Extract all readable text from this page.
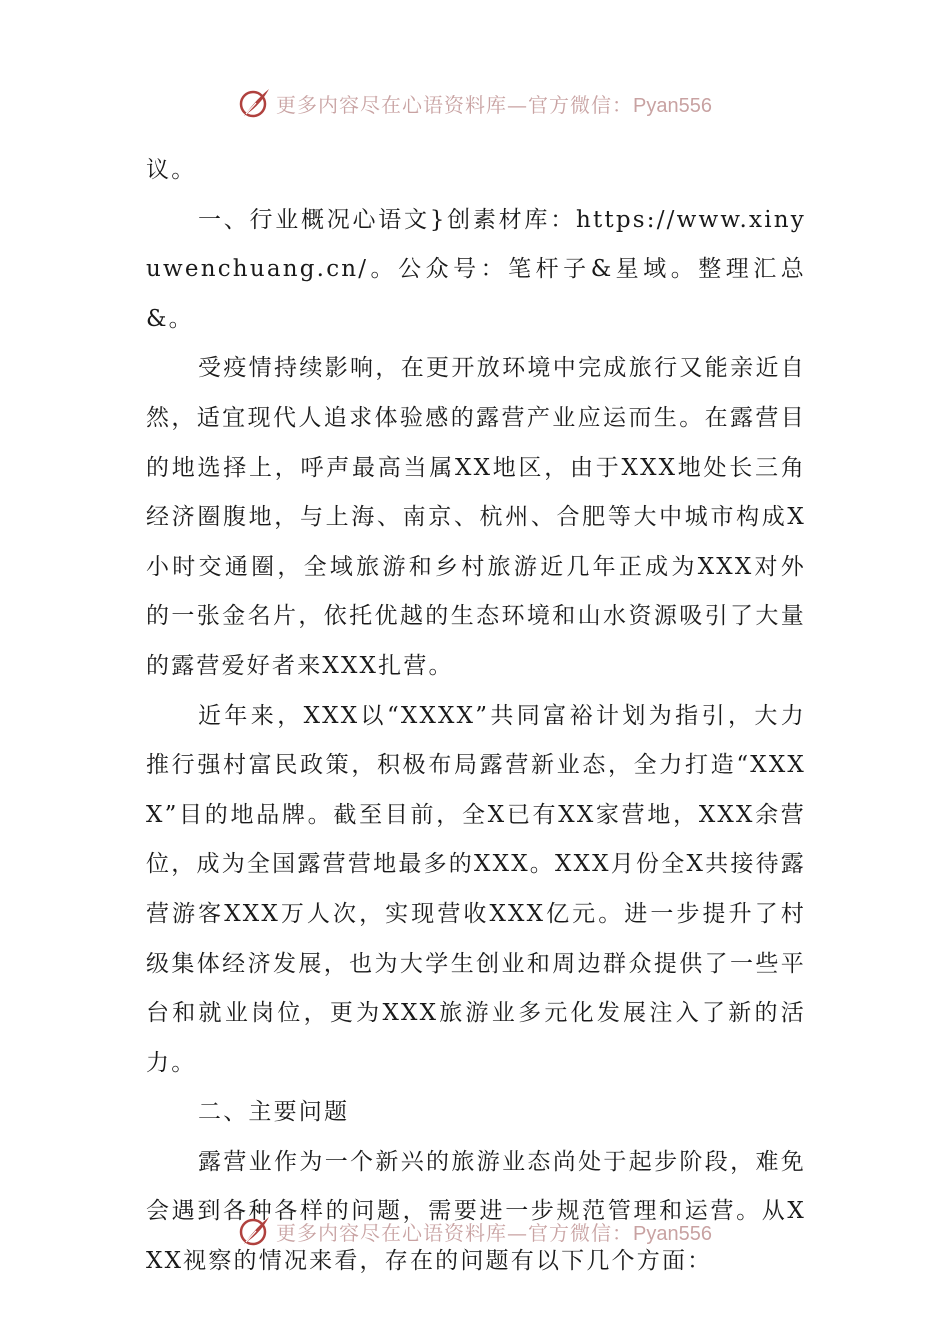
更多内容尽在心语资料库—官方微信：Pyan556

议。

一、行业概况心语文}创素材库：https://www.xinyuwenchuang.cn/。公众号：笔杆子&星域。整理汇总&。

受疫情持续影响，在更开放环境中完成旅行又能亲近自然，适宜现代人追求体验感的露营产业应运而生。在露营目的地选择上，呼声最高当属XX地区，由于XXX地处长三角经济圈腹地，与上海、南京、杭州、合肥等大中城市构成X小时交通圈，全域旅游和乡村旅游近几年正成为XXX对外的一张金名片，依托优越的生态环境和山水资源吸引了大量的露营爱好者来XXX扎营。

近年来，XXX以“XXXX”共同富裕计划为指引，大力推行强村富民政策，积极布局露营新业态，全力打造“XXXX”目的地品牌。截至目前，全X已有XX家营地，XXX余营位，成为全国露营营地最多的XXX。XXX月份全X共接待露营游客XXX万人次，实现营收XXX亿元。进一步提升了村级集体经济发展，也为大学生创业和周边群众提供了一些平台和就业岗位，更为XXX旅游业多元化发展注入了新的活力。

二、主要问题

露营业作为一个新兴的旅游业态尚处于起步阶段，难免会遇到各种各样的问题，需要进一步规范管理和运营。从XXX视察的情况来看，存在的问题有以下几个方面：

更多内容尽在心语资料库—官方微信：Pyan556
